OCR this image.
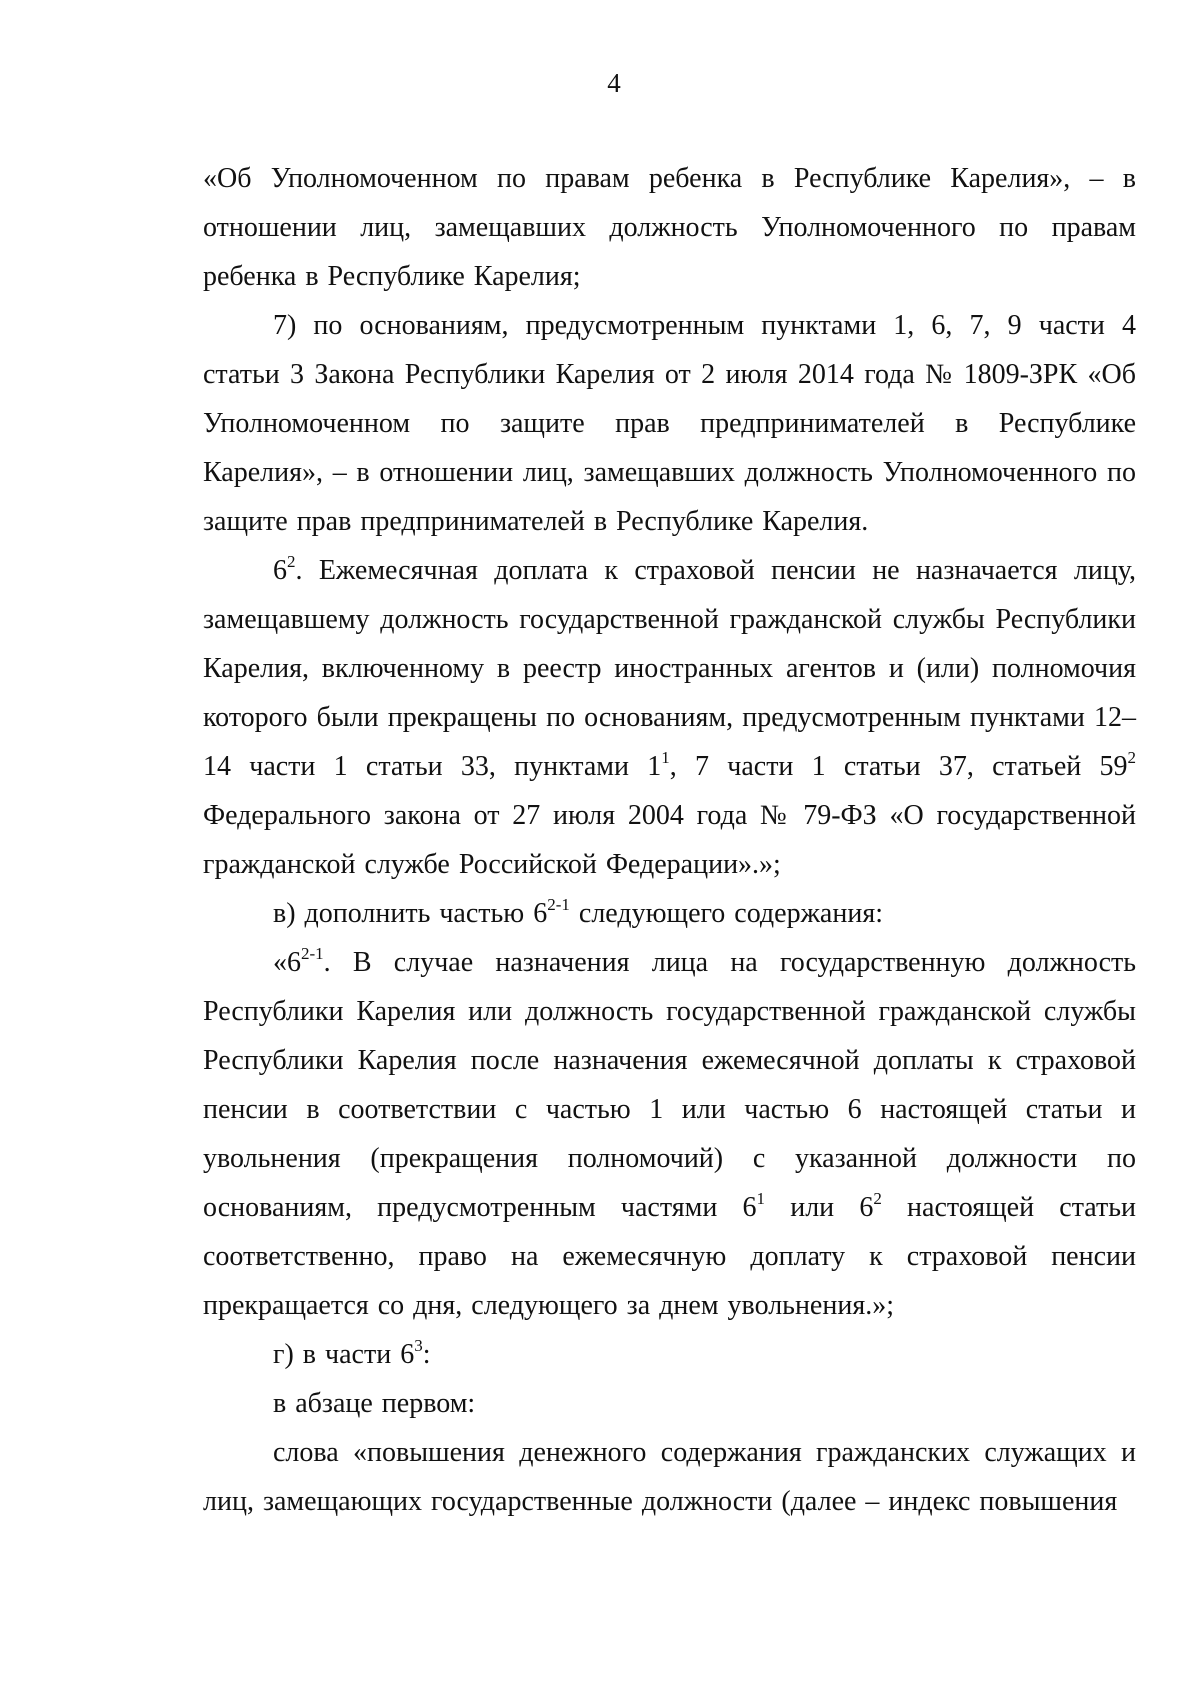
4

«Об Уполномоченном по правам ребенка в Республике Карелия», – в отношении лиц, замещавших должность Уполномоченного по правам ребенка в Республике Карелия;

7) по основаниям, предусмотренным пунктами 1, 6, 7, 9 части 4 статьи 3 Закона Республики Карелия от 2 июля 2014 года № 1809-ЗРК «Об Уполномоченном по защите прав предпринимателей в Республике Карелия», – в отношении лиц, замещавших должность Уполномоченного по защите прав предпринимателей в Республике Карелия.

$6^2$. Ежемесячная доплата к страховой пенсии не назначается лицу, замещавшему должность государственной гражданской службы Республики Карелия, включенному в реестр иностранных агентов и (или) полномочия которого были прекращены по основаниям, предусмотренным пунктами 12–14 части 1 статьи 33, пунктами $1^1$, 7 части 1 статьи 37, статьей $59^2$ Федерального закона от 27 июля 2004 года № 79-ФЗ «О государственной гражданской службе Российской Федерации».»;

в) дополнить частью 6$^{2-1}$ следующего содержания:

«6$^{2-1}$. В случае назначения лица на государственную должность Республики Карелия или должность государственной гражданской службы Республики Карелия после назначения ежемесячной доплаты к страховой пенсии в соответствии с частью 1 или частью 6 настоящей статьи и увольнения (прекращения полномочий) с указанной должности по основаниям, предусмотренным частями $6^1$ или $6^2$ настоящей статьи соответственно, право на ежемесячную доплату к страховой пенсии прекращается со дня, следующего за днем увольнения.»;

г) в части $6^3$:

в абзаце первом:

слова «повышения денежного содержания гражданских служащих и лиц, замещающих государственные должности (далее – индекс повышения
